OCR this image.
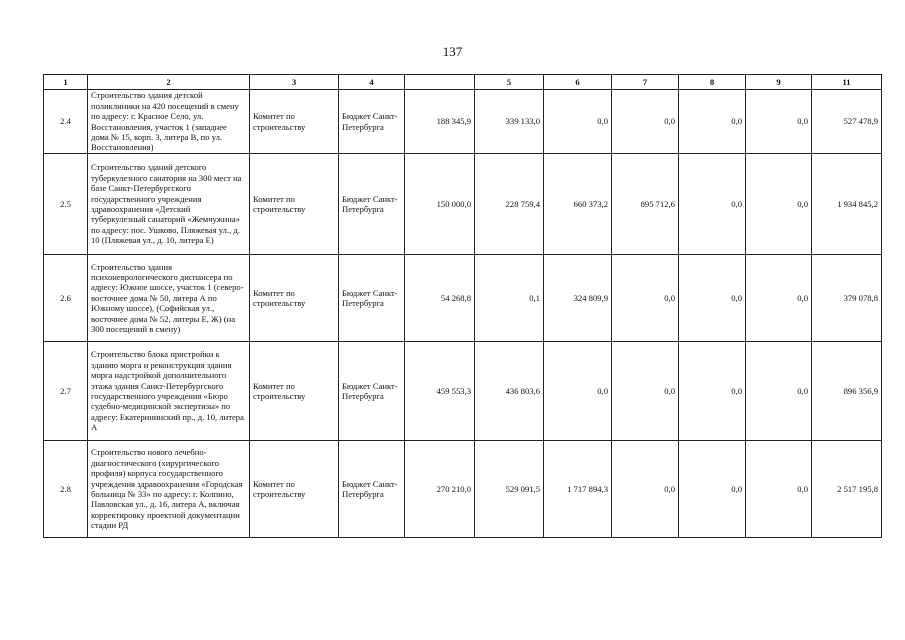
137
1	2	3	4		5	6	7	8	9	11
2.4	Строительство здания детской поликлиники на 420 посещений в смену по адресу: г. Красное Село, ул. Восстановления, участок 1 (западнее дома № 15, корп. 3, литера В, по ул. Восстановления)	Комитет по строительству	Бюджет Санкт-Петербурга	188 345,9	339 133,0	0,0	0,0	0,0	0,0	527 478,9
2.5	Строительство зданий детского туберкулезного санатория на 300 мест на базе Санкт-Петербургского государственного учреждения здравоохранения «Детский туберкулезный санаторий «Жемчужина» по адресу: пос. Ушково, Пляжевая ул., д. 10 (Пляжевая ул., д. 10, литера Е)	Комитет по строительству	Бюджет Санкт-Петербурга	150 000,0	228 759,4	660 373,2	895 712,6	0,0	0,0	1 934 845,2
2.6	Строительство здания психоневрологического диспансера по адресу: Южное шоссе, участок 1 (северо-восточнее дома № 50, литера А по Южному шоссе), (Софийская ул., восточнее дома № 52, литеры Е, Ж) (на 300 посещений в смену)	Комитет по строительству	Бюджет Санкт-Петербурга	54 268,8	0,1	324 809,9	0,0	0,0	0,0	379 078,8
2.7	Строительство блока пристройки к зданию морга и реконструкция здания морга надстройкой дополнительного этажа здания Санкт-Петербургского государственного учреждения «Бюро судебно-медицинской экспертизы» по адресу: Екатерининский пр., д. 10, литера А	Комитет по строительству	Бюджет Санкт-Петербурга	459 553,3	436 803,6	0,0	0,0	0,0	0,0	896 356,9
2.8	Строительство нового лечебно-диагностического (хирургического профиля) корпуса государственного учреждения здравоохранения «Городская больница № 33» по адресу: г. Колпино, Павловская ул., д. 16, литера А, включая корректировку проектной документации стадии РД	Комитет по строительству	Бюджет Санкт-Петербурга	270 210,0	529 091,5	1 717 894,3	0,0	0,0	0,0	2 517 195,8
